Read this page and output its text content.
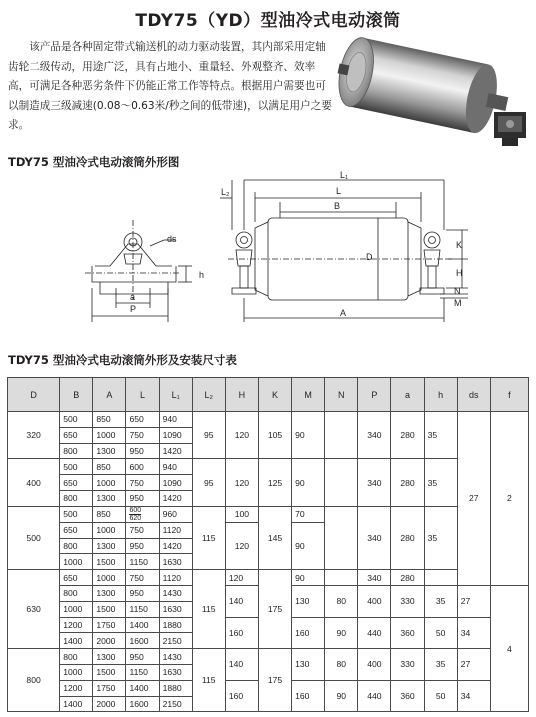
TDY75（YD）型油冷式电动滚筒

该产品是各种固定带式输送机的动力驱动装置，其内部采用定轴齿轮二级传动，用途广泛，具有占地小、重量轻、外观整齐、效率高，可满足各种恶劣条件下仍能正常工作等特点。根据用户需要也可以制造成三级减速(0.08～0.63米/秒之间的低带速)，以满足用户之要求。

TDY75 型油冷式电动滚筒外形图
ds
h
a
P
L₂
L₁
L
B
D
K
H
N
M
A
TDY75 型油冷式电动滚筒外形及安装尺寸表
D	B	A	L	L₁	L₂	H	K	M	N	P	a	h	ds	f
320	500	850	650	940	95	120	105	90		340	280	35	27	2
	650	1000	750	1090										
	800	1300	950	1420										
400	500	850	600	940	95	120	125	90		340	280	35		
	650	1000	750	1090										
	800	1300	950	1420										
500	500	850	$\frac{600}{620}$	960	115	100	145	70		340	280	35		
	650	1000	750	1120		120		90						
	800	1300	950	1420										
	1000	1500	1150	1630										
630	650	1000	750	1120	115	120	175	90		340	280			
	800	1300	950	1430		140		130	80	400	330	35	27	4
	1000	1500	1150	1630										
	1200	1750	1400	1880		160		160	90	440	360	50	34	
	1400	2000	1600	2150										
800	800	1300	950	1430	115	140	175	130	80	400	330	35	27	
	1000	1500	1150	1630										
	1200	1750	1400	1880		160		160	90	440	360	50	34	
	1400	2000	1600	2150										
